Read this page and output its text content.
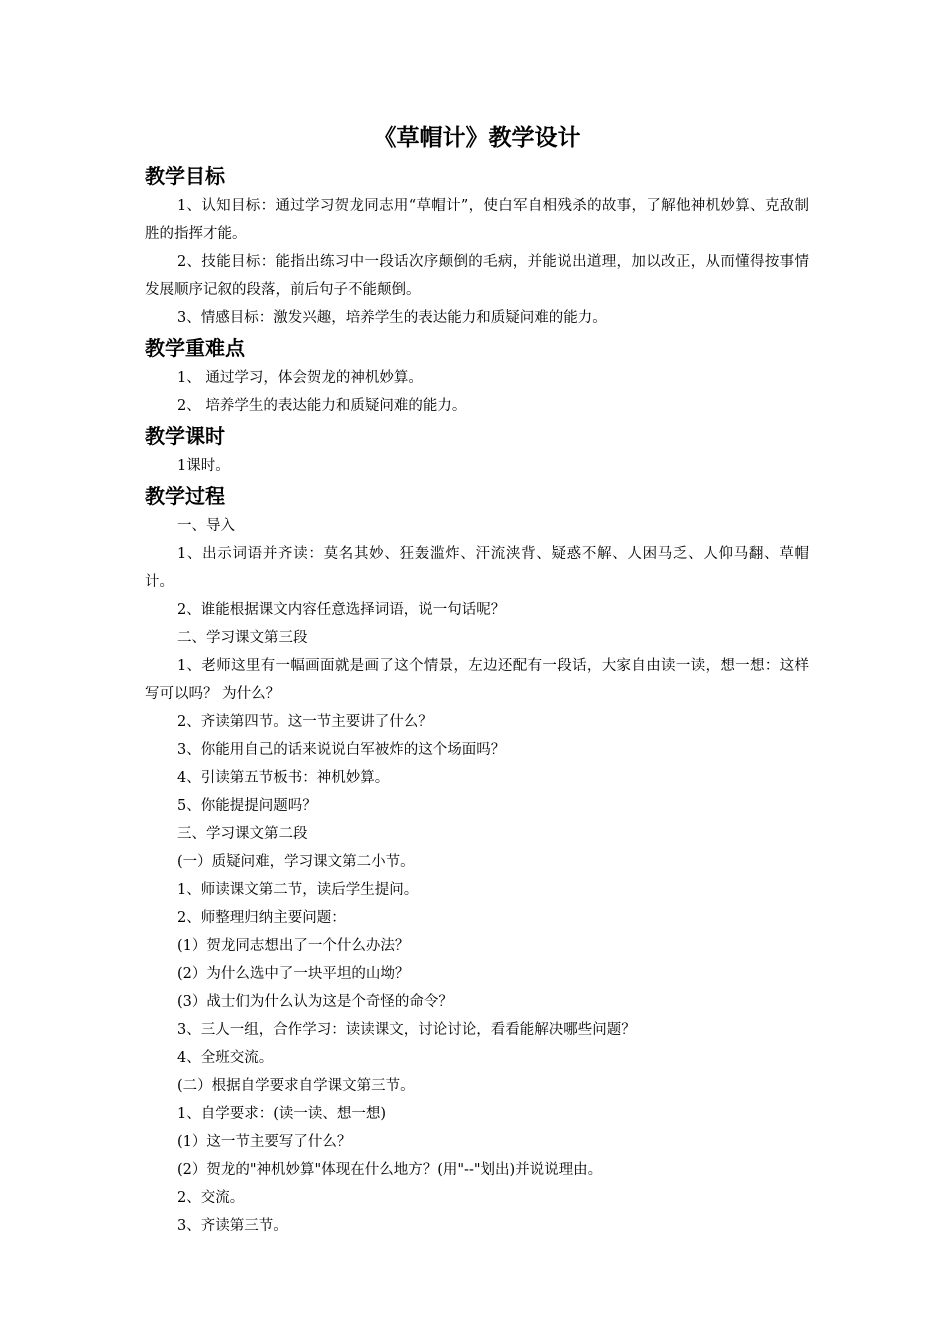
《草帽计》教学设计
教学目标

1、认知目标：通过学习贺龙同志用“草帽计”，使白军自相残杀的故事，了解他神机妙算、克敌制胜的指挥才能。

2、技能目标：能指出练习中一段话次序颠倒的毛病，并能说出道理，加以改正，从而懂得按事情发展顺序记叙的段落，前后句子不能颠倒。

3、情感目标：激发兴趣，培养学生的表达能力和质疑问难的能力。

教学重难点

1、 通过学习，体会贺龙的神机妙算。

2、 培养学生的表达能力和质疑问难的能力。

教学课时

1课时。

教学过程

一、导入

1、出示词语并齐读：莫名其妙、狂轰滥炸、汗流浃背、疑惑不解、人困马乏、人仰马翻、草帽计。

2、谁能根据课文内容任意选择词语，说一句话呢？

二、学习课文第三段

1、老师这里有一幅画面就是画了这个情景，左边还配有一段话，大家自由读一读，想一想：这样写可以吗？ 为什么？

2、齐读第四节。这一节主要讲了什么？

3、你能用自己的话来说说白军被炸的这个场面吗？

4、引读第五节板书：神机妙算。

5、你能提提问题吗？

三、学习课文第二段

(一）质疑问难，学习课文第二小节。

1、师读课文第二节，读后学生提问。

2、师整理归纳主要问题：

(1）贺龙同志想出了一个什么办法？

(2）为什么选中了一块平坦的山坳？

(3）战士们为什么认为这是个奇怪的命令？

3、三人一组，合作学习：读读课文，讨论讨论，看看能解决哪些问题？

4、全班交流。

(二）根据自学要求自学课文第三节。

1、自学要求：(读一读、想一想)

(1）这一节主要写了什么？

(2）贺龙的"神机妙算"体现在什么地方？(用"--"划出)并说说理由。

2、交流。

3、齐读第三节。
